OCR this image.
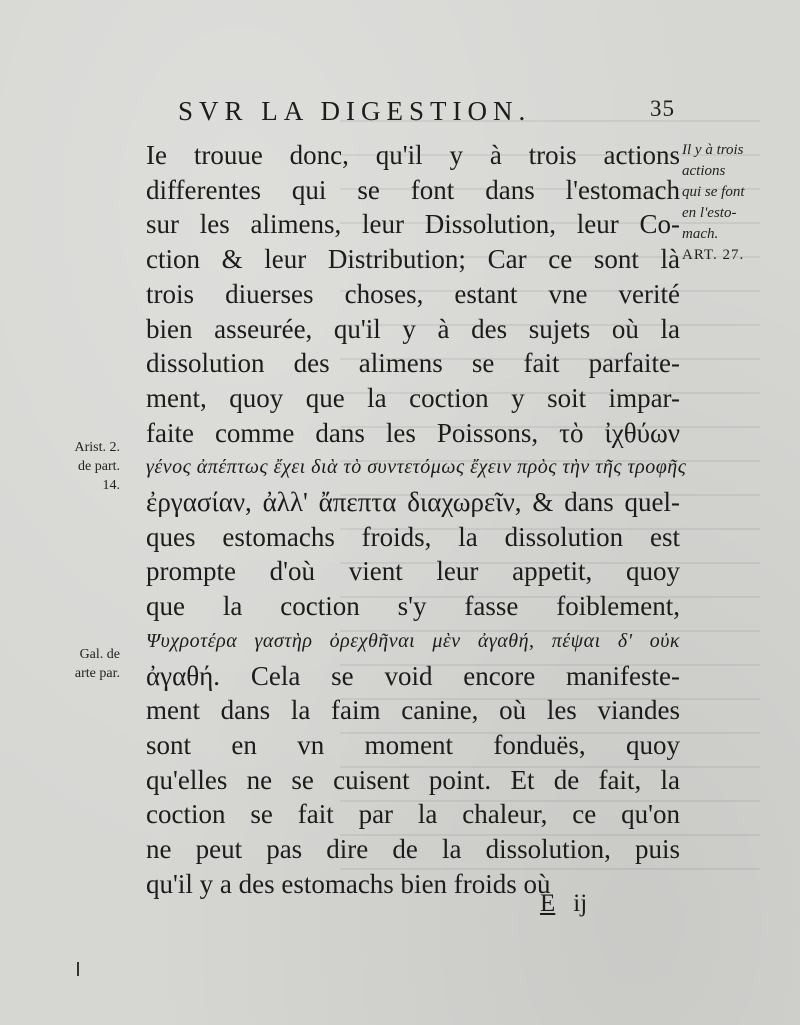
SVR LA DIGESTION.	35
Ie trouue donc, qu'il y à trois actions
differentes qui se font dans l'estomach
sur les alimens, leur Dissolution, leur Co-
ction & leur Distribution; Car ce sont là
trois diuerses choses, estant vne verité
bien asseurée, qu'il y à des sujets où la
dissolution des alimens se fait parfaite-
ment, quoy que la coction y soit impar-
faite comme dans les Poissons, τὸ ἰχθύων
γένος ἀπέπτως ἔχει διὰ τὸ συντετόμως ἔχειν πρὸς τὴν τῆς τροφῆς
ἐργασίαν, ἀλλ' ἄπεπτα διαχωρεῖν, & dans quel-
ques estomachs froids, la dissolution est
prompte d'où vient leur appetit, quoy
que la coction s'y fasse foiblement,
Ψυχροτέρα γαστὴρ ὀρεχθῆναι μὲν ἀγαθή, πέψαι δ' οὐκ
ἀγαθή. Cela se void encore manifeste-
ment dans la faim canine, où les viandes
sont en vn moment fonduës, quoy
qu'elles ne se cuisent point. Et de fait, la
coction se fait par la chaleur, ce qu'on
ne peut pas dire de la dissolution, puis
qu'il y a des estomachs bien froids où
Il y à trois
actions
qui se font
en l'esto-
mach.
ART. 27.
Arist. 2.
de part.
14.
Gal. de
arte par.
E ij
